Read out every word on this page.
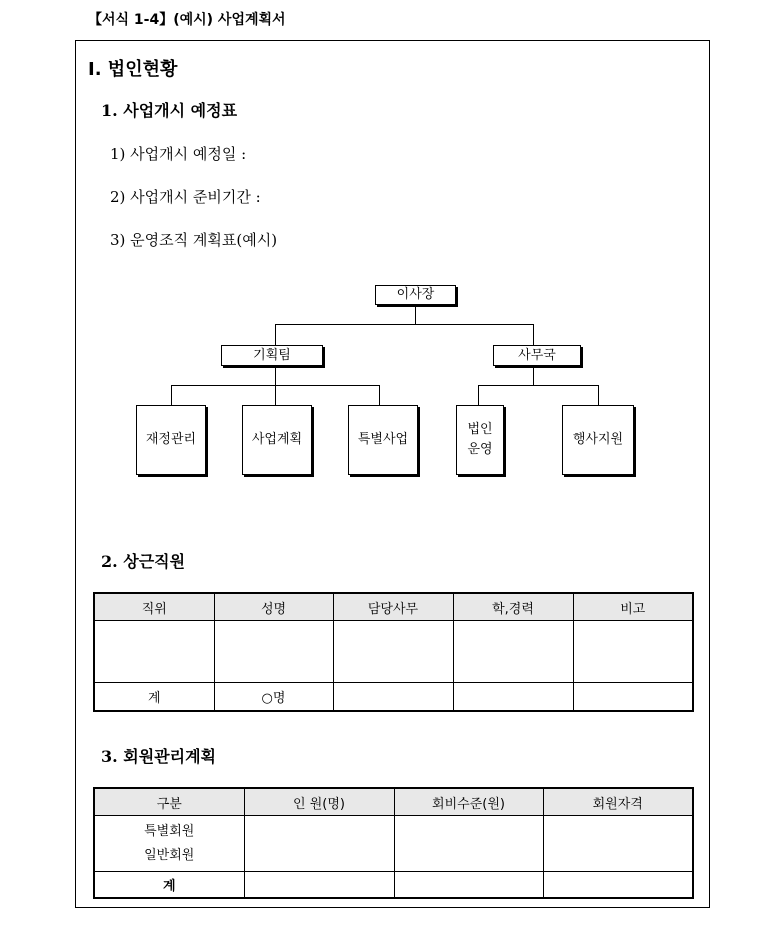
【서식 1-4】(예시) 사업계획서
Ⅰ. 법인현황
1. 사업개시 예정표
1) 사업개시 예정일 :
2) 사업개시 준비기간 :
3) 운영조직 계획표(예시)
이사장
기획팀	사무국
재정관리	사업계획	특별사업
법인
운영
행사지원
2. 상근직원
직위	성명	담당사무	학,경력	비고

계	○명			
3. 회원관리계획
구분	인 원(명)	회비수준(원)	회원자격

특별회원
일반회원			

계			
